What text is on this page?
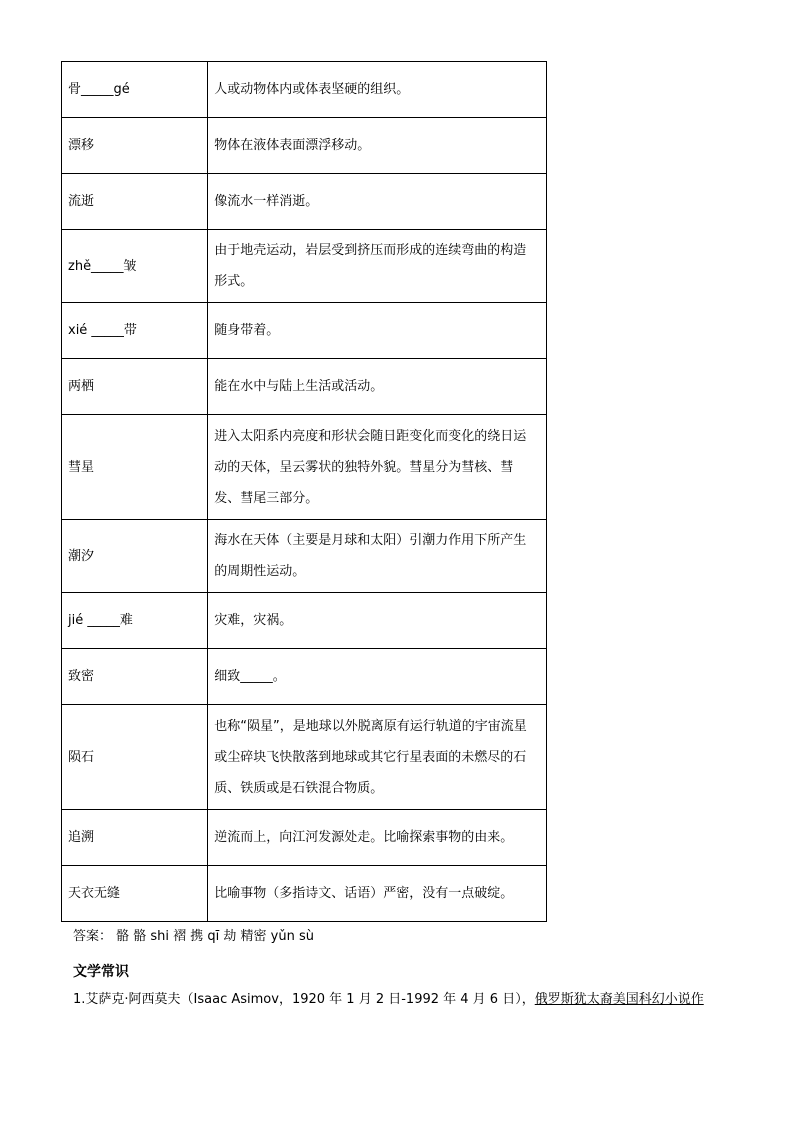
骨_____gé	人或动物体内或体表坚硬的组织。
漂移	物体在液体表面漂浮移动。
流逝	像流水一样消逝。
zhě_____皱	由于地壳运动，岩层受到挤压而形成的连续弯曲的构造形式。
xié _____带	随身带着。
两栖	能在水中与陆上生活或活动。
彗星	进入太阳系内亮度和形状会随日距变化而变化的绕日运动的天体，呈云雾状的独特外貌。彗星分为彗核、彗发、彗尾三部分。
潮汐	海水在天体（主要是月球和太阳）引潮力作用下所产生的周期性运动。
jié _____难	灾难，灾祸。
致密	细致_____。
陨石	也称“陨星”，是地球以外脱离原有运行轨道的宇宙流星或尘碎块飞快散落到地球或其它行星表面的未燃尽的石质、铁质或是石铁混合物质。
追溯	逆流而上，向江河发源处走。比喻探索事物的由来。
天衣无缝	比喻事物（多指诗文、话语）严密，没有一点破绽。
答案： 骼 骼 shi 褶 携 qī 劫 精密 yǔn sù
文学常识
1.艾萨克·阿西莫夫（Isaac Asimov，1920 年 1 月 2 日-1992 年 4 月 6 日），俄罗斯犹太裔美国科幻小说作
